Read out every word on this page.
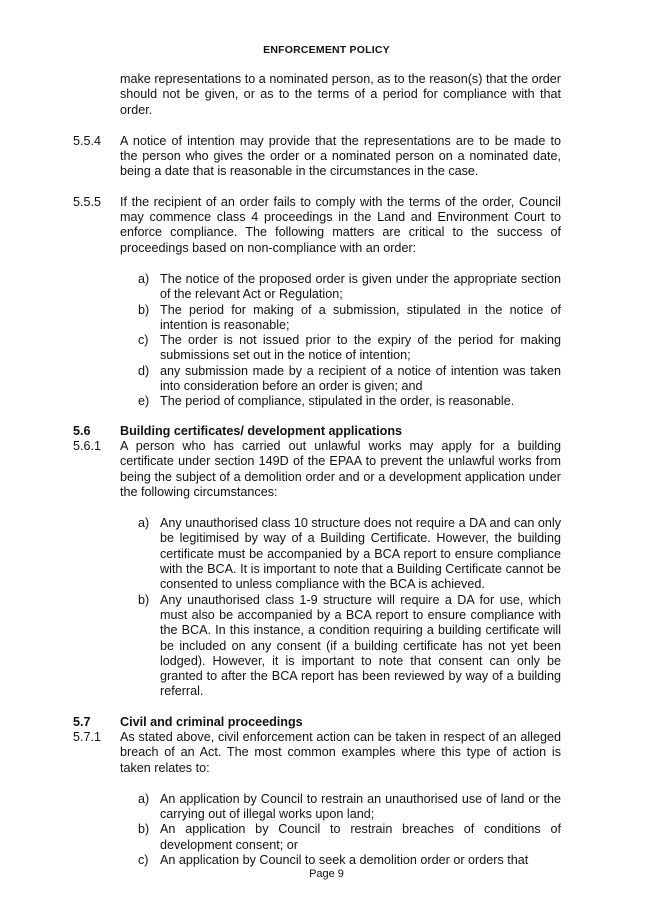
ENFORCEMENT POLICY

make representations to a nominated person, as to the reason(s) that the order should not be given, or as to the terms of a period for compliance with that order.

5.5.4 A notice of intention may provide that the representations are to be made to the person who gives the order or a nominated person on a nominated date, being a date that is reasonable in the circumstances in the case.
5.5.5 If the recipient of an order fails to comply with the terms of the order, Council may commence class 4 proceedings in the Land and Environment Court to enforce compliance. The following matters are critical to the success of proceedings based on non-compliance with an order:
a) The notice of the proposed order is given under the appropriate section of the relevant Act or Regulation;
b) The period for making of a submission, stipulated in the notice of intention is reasonable;
c) The order is not issued prior to the expiry of the period for making submissions set out in the notice of intention;
d) any submission made by a recipient of a notice of intention was taken into consideration before an order is given; and
e) The period of compliance, stipulated in the order, is reasonable.
5.6 Building certificates/ development applications
5.6.1 A person who has carried out unlawful works may apply for a building certificate under section 149D of the EPAA to prevent the unlawful works from being the subject of a demolition order and or a development application under the following circumstances:
a) Any unauthorised class 10 structure does not require a DA and can only be legitimised by way of a Building Certificate. However, the building certificate must be accompanied by a BCA report to ensure compliance with the BCA. It is important to note that a Building Certificate cannot be consented to unless compliance with the BCA is achieved.
b) Any unauthorised class 1-9 structure will require a DA for use, which must also be accompanied by a BCA report to ensure compliance with the BCA. In this instance, a condition requiring a building certificate will be included on any consent (if a building certificate has not yet been lodged). However, it is important to note that consent can only be granted to after the BCA report has been reviewed by way of a building referral.
5.7 Civil and criminal proceedings
5.7.1 As stated above, civil enforcement action can be taken in respect of an alleged breach of an Act. The most common examples where this type of action is taken relates to:
a) An application by Council to restrain an unauthorised use of land or the carrying out of illegal works upon land;
b) An application by Council to restrain breaches of conditions of development consent; or
c) An application by Council to seek a demolition order or orders that
Page 9
